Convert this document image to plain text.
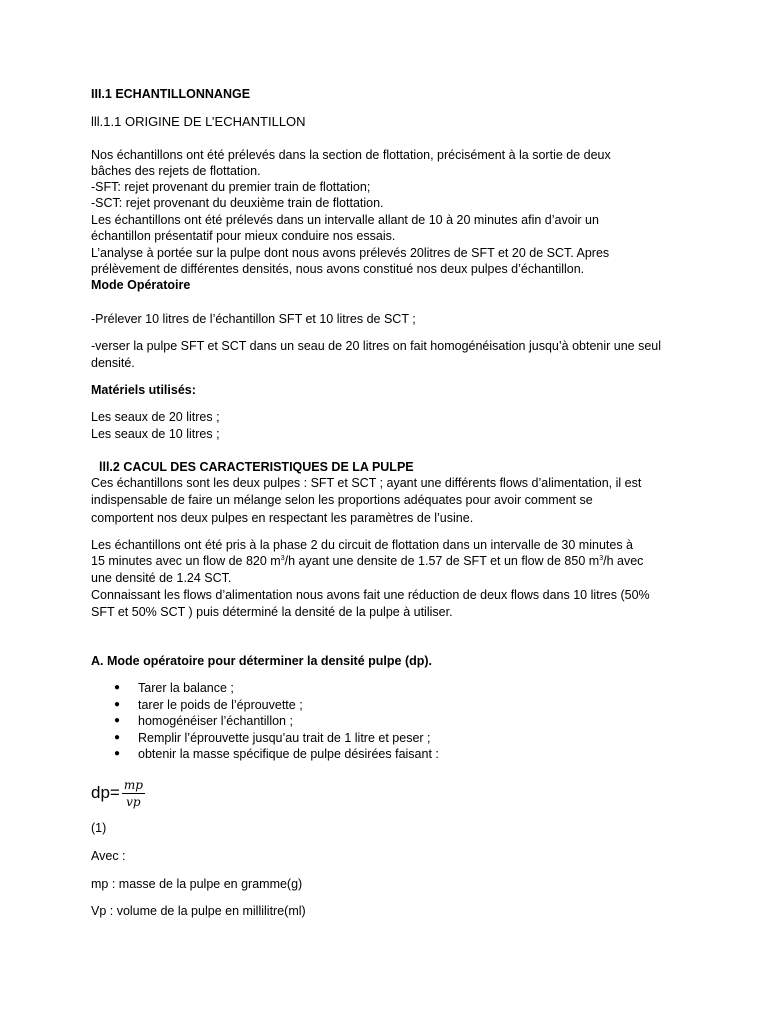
III.1 ECHANTILLONNANGE
lll.1.1 ORIGINE DE L’ECHANTILLON
Nos échantillons ont été prélevés dans la section de flottation, précisément à la sortie de deux
bâches des rejets de flottation.
-SFT: rejet provenant du premier train de flottation;
-SCT: rejet provenant du deuxième train de flottation.
Les échantillons ont été prélevés dans un intervalle allant de 10 à 20 minutes afin d’avoir un
échantillon présentatif pour mieux conduire nos essais.
L’analyse à portée sur la pulpe dont nous avons prélevés 20litres de SFT et 20 de SCT. Apres
prélèvement de différentes densités, nous avons constitué nos deux pulpes d’échantillon.
Mode Opératoire
-Prélever 10 litres de l’échantillon SFT et 10 litres de SCT ;
-verser la pulpe SFT et SCT dans un seau de 20 litres on fait homogénéisation jusqu’à obtenir une seul
densité.
Matériels utilisés:
Les seaux de 20 litres ;
Les seaux de 10 litres ;
lll.2 CACUL DES CARACTERISTIQUES DE LA PULPE
Ces échantillons sont les deux pulpes : SFT et SCT ; ayant une différents flows d’alimentation, il est
indispensable de faire un mélange selon les proportions adéquates pour avoir comment se
comportent nos deux pulpes en respectant les paramètres de l’usine.
Les échantillons ont été pris à la phase 2 du circuit de flottation dans un intervalle de 30 minutes à
15 minutes avec un flow de 820 $m^3/h$ ayant une densite de 1.57 de SFT et un flow de 850 $m^3/h$ avec
une densité de 1.24 SCT.
Connaissant les flows d’alimentation nous avons fait une réduction de deux flows dans 10 litres (50%
SFT et 50% SCT ) puis déterminé la densité de la pulpe à utiliser.
A. Mode opératoire pour déterminer la densité pulpe (dp).
● Tarer la balance ;
● tarer le poids de l’éprouvette ;
● homogénéiser l’échantillon ;
● Remplir l’éprouvette jusqu’au trait de 1 litre et peser ;
● obtenir la masse spécifique de pulpe désirées faisant :
$dp= \frac{mp}{vp}$
(1)
Avec :
mp : masse de la pulpe en gramme(g)
Vp : volume de la pulpe en millilitre(ml)
